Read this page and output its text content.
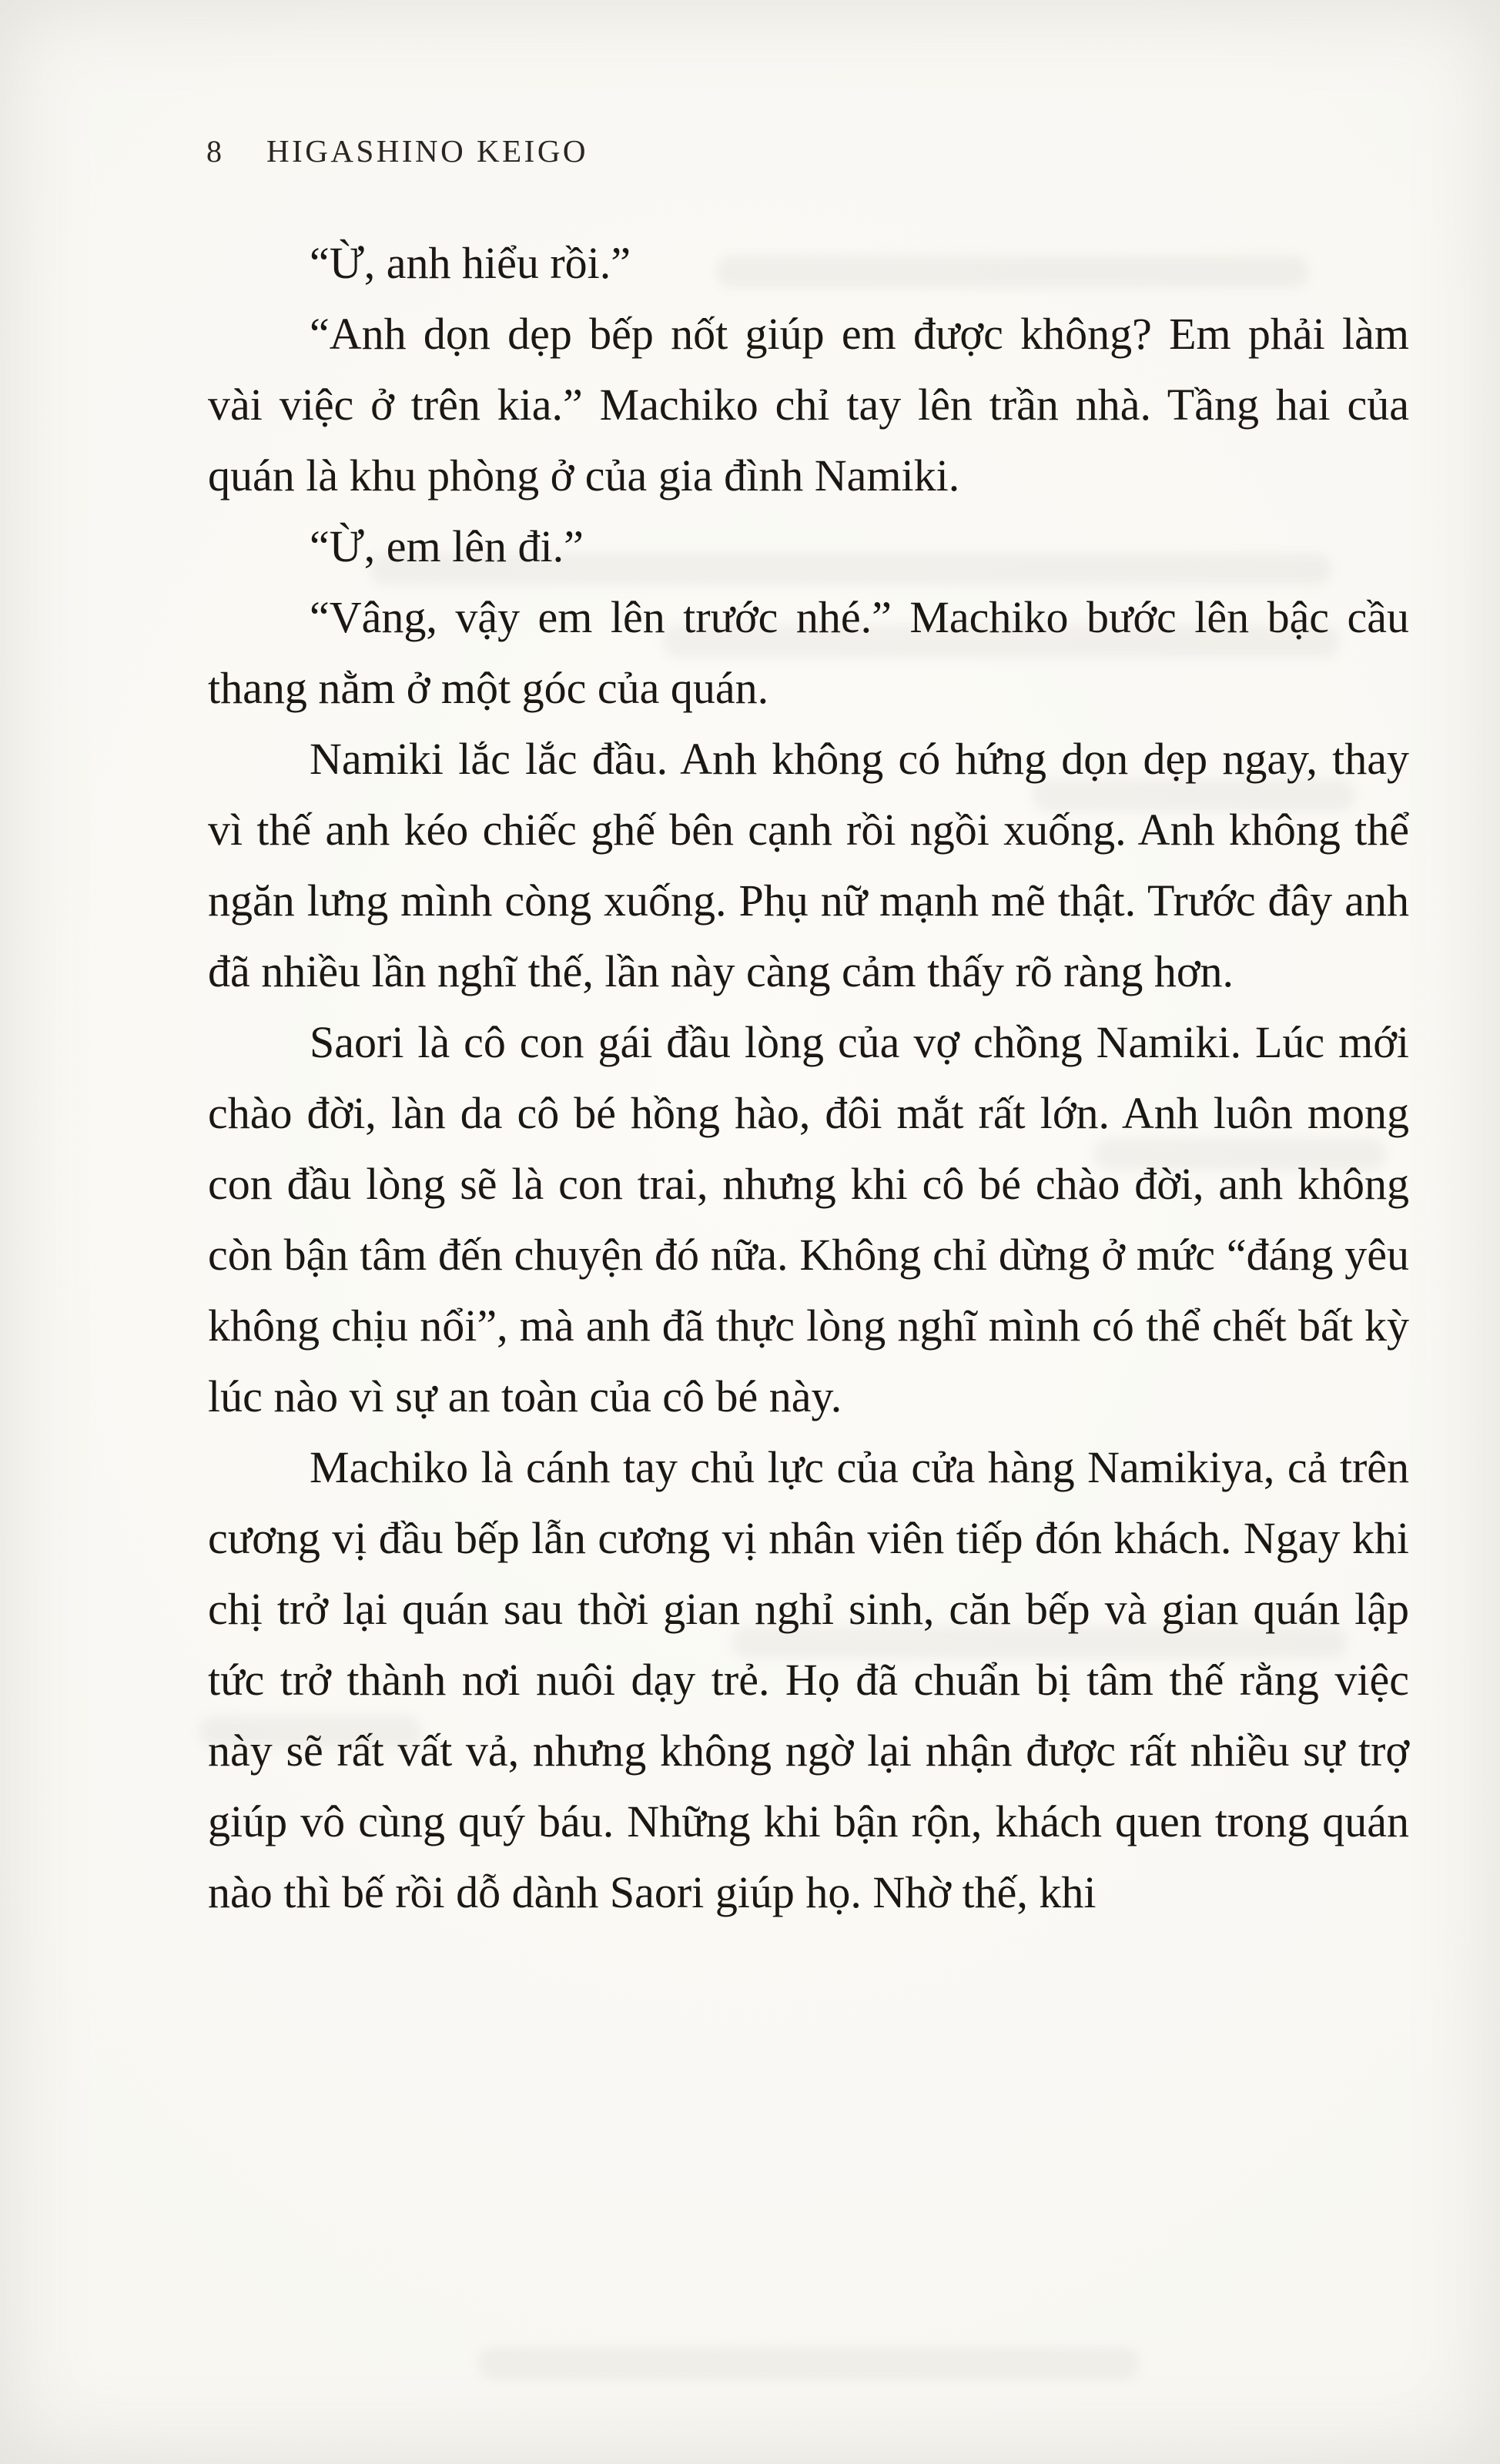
8 HIGASHINO KEIGO

“Ừ, anh hiểu rồi.”

“Anh dọn dẹp bếp nốt giúp em được không? Em phải làm vài việc ở trên kia.” Machiko chỉ tay lên trần nhà. Tầng hai của quán là khu phòng ở của gia đình Namiki.

“Ừ, em lên đi.”

“Vâng, vậy em lên trước nhé.” Machiko bước lên bậc cầu thang nằm ở một góc của quán.

Namiki lắc lắc đầu. Anh không có hứng dọn dẹp ngay, thay vì thế anh kéo chiếc ghế bên cạnh rồi ngồi xuống. Anh không thể ngăn lưng mình còng xuống. Phụ nữ mạnh mẽ thật. Trước đây anh đã nhiều lần nghĩ thế, lần này càng cảm thấy rõ ràng hơn.

Saori là cô con gái đầu lòng của vợ chồng Namiki. Lúc mới chào đời, làn da cô bé hồng hào, đôi mắt rất lớn. Anh luôn mong con đầu lòng sẽ là con trai, nhưng khi cô bé chào đời, anh không còn bận tâm đến chuyện đó nữa. Không chỉ dừng ở mức “đáng yêu không chịu nổi”, mà anh đã thực lòng nghĩ mình có thể chết bất kỳ lúc nào vì sự an toàn của cô bé này.

Machiko là cánh tay chủ lực của cửa hàng Namikiya, cả trên cương vị đầu bếp lẫn cương vị nhân viên tiếp đón khách. Ngay khi chị trở lại quán sau thời gian nghỉ sinh, căn bếp và gian quán lập tức trở thành nơi nuôi dạy trẻ. Họ đã chuẩn bị tâm thế rằng việc này sẽ rất vất vả, nhưng không ngờ lại nhận được rất nhiều sự trợ giúp vô cùng quý báu. Những khi bận rộn, khách quen trong quán nào thì bế rồi dỗ dành Saori giúp họ. Nhờ thế, khi
